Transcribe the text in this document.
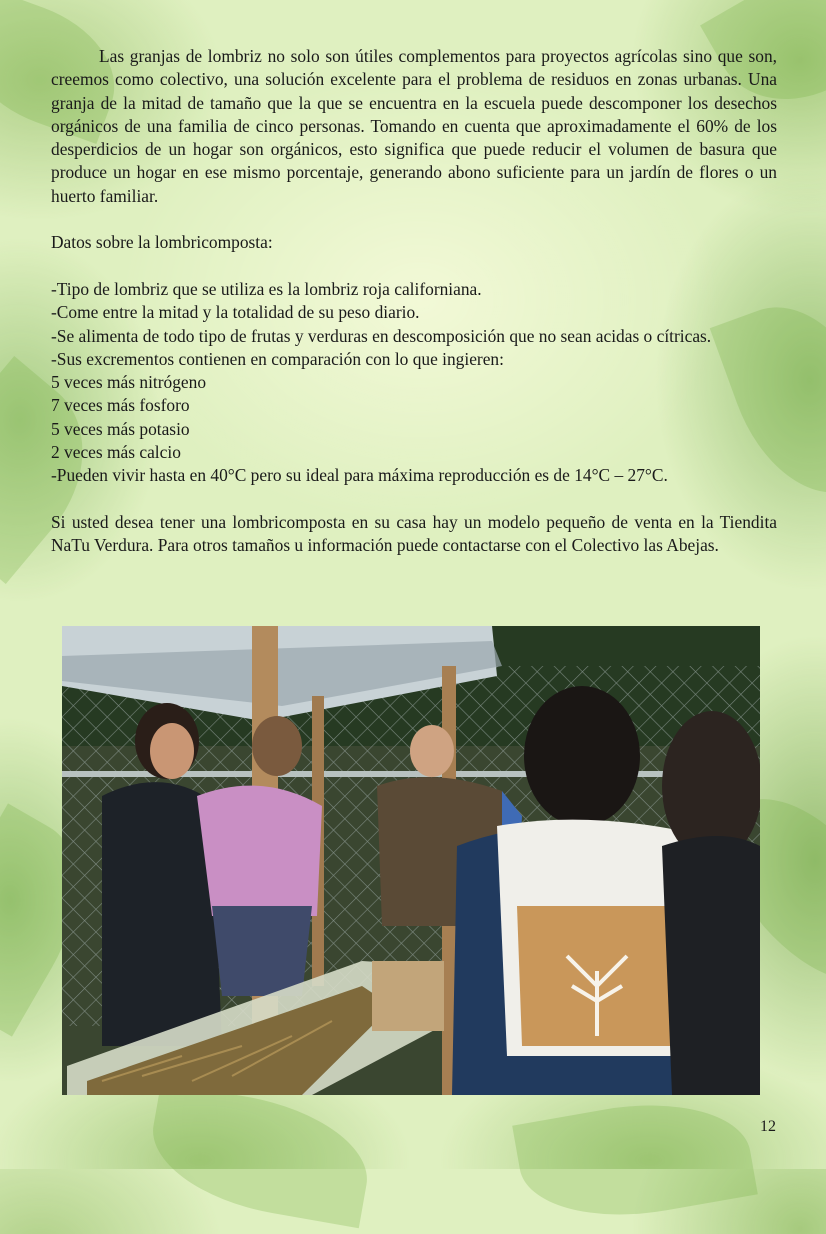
Las granjas de lombriz no solo son útiles complementos para proyectos agrícolas sino que son, creemos como colectivo, una solución excelente para el problema de residuos en zonas urbanas. Una granja de la mitad de tamaño que la que se encuentra en la escuela puede descomponer los desechos orgánicos de una familia de cinco personas. Tomando en cuenta que aproximadamente el 60% de los desperdicios de un hogar son orgánicos, esto significa que puede reducir el volumen de basura que produce un hogar en ese mismo porcentaje, generando abono suficiente para un jardín de flores o un huerto familiar.

Datos sobre la lombricomposta:

-Tipo de lombriz que se utiliza es la lombriz roja californiana.

-Come entre la mitad y la totalidad de su peso diario.

-Se alimenta de todo tipo de frutas y verduras en descomposición que no sean acidas o cítricas.

-Sus excrementos contienen en comparación con lo que ingieren:

5 veces más nitrógeno

7 veces más fosforo

5 veces más potasio

2 veces más calcio

-Pueden vivir hasta en 40°C pero su ideal para máxima reproducción es de 14°C – 27°C.

Si usted desea tener una lombricomposta en su casa hay un modelo pequeño de venta en la Tiendita NaTu Verdura. Para otros tamaños u información puede contactarse con el Colectivo las Abejas.

12
